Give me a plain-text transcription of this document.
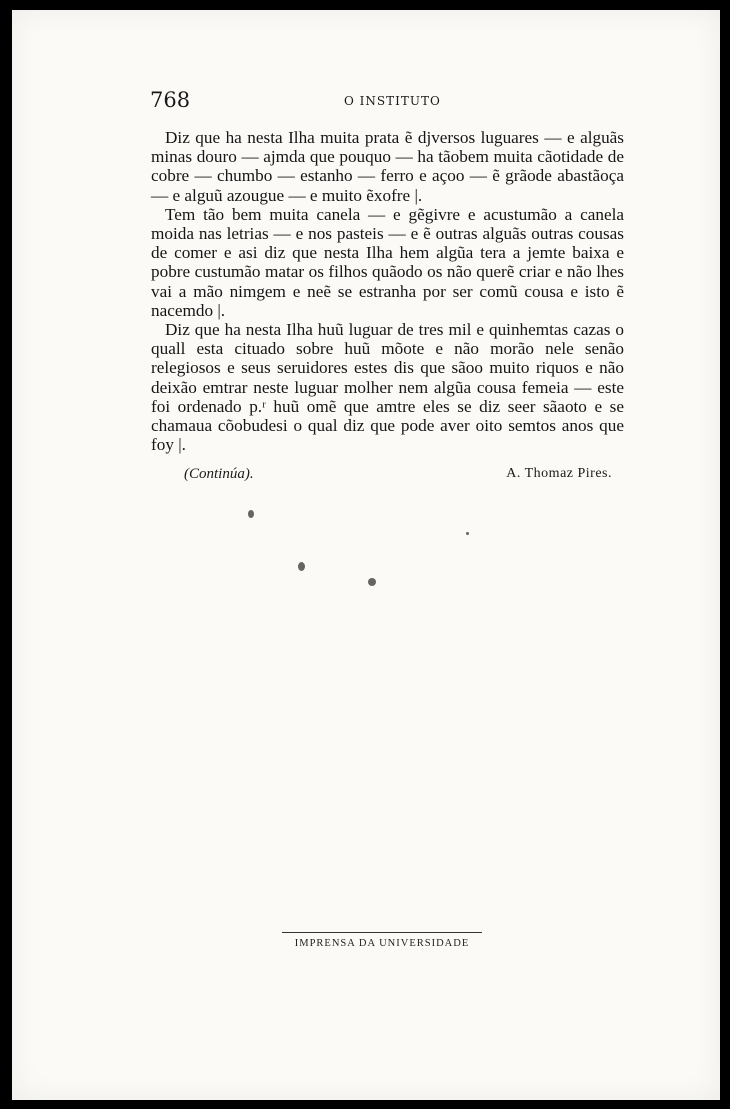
768	O INSTITUTO

Diz que ha nesta Ilha muita prata ẽ djversos luguares — e alguãs minas douro — ajmda que pouquo — ha tãobem muita cãotidade de cobre — chumbo — estanho — ferro e açoo — ẽ grãode abastãoça — e alguũ azougue — e muito ẽxofre |.

Tem tão bem muita canela — e gẽgivre e acustumão a canela moida nas letrias — e nos pasteis — e ẽ outras alguãs outras cousas de comer e asi diz que nesta Ilha hem algũa tera a jemte baixa e pobre custumão matar os filhos quãodo os não querẽ criar e não lhes vai a mão nimgem e neẽ se estranha por ser comũ cousa e isto ẽ nacemdo |.

Diz que ha nesta Ilha huũ luguar de tres mil e quinhemtas cazas o quall esta cituado sobre huũ mõote e não morão nele senão relegiosos e seus seruidores estes dis que sãoo muito riquos e não deixão emtrar neste luguar molher nem algũa cousa femeia — este foi ordenado p.ʳ huũ omẽ que amtre eles se diz seer sãaoto e se chamaua cõobudesi o qual diz que pode aver oito semtos anos que foy |.

(Continúa).	A. Thomaz Pires.
IMPRENSA DA UNIVERSIDADE
